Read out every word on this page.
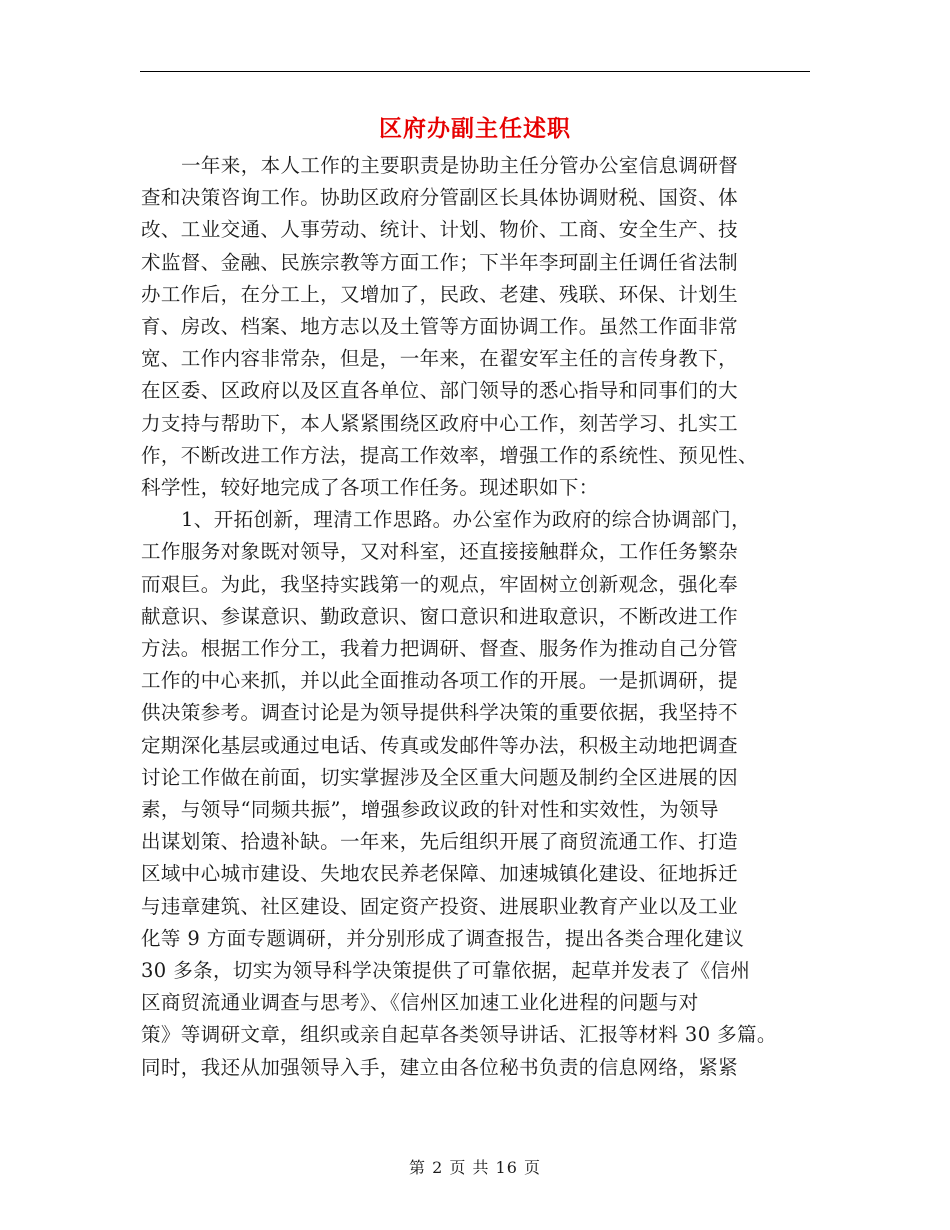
区府办副主任述职
一年来，本人工作的主要职责是协助主任分管办公室信息调研督
查和决策咨询工作。协助区政府分管副区长具体协调财税、国资、体
改、工业交通、人事劳动、统计、计划、物价、工商、安全生产、技
术监督、金融、民族宗教等方面工作；下半年李珂副主任调任省法制
办工作后，在分工上，又增加了，民政、老建、残联、环保、计划生
育、房改、档案、地方志以及土管等方面协调工作。虽然工作面非常
宽、工作内容非常杂，但是，一年来，在翟安军主任的言传身教下，
在区委、区政府以及区直各单位、部门领导的悉心指导和同事们的大
力支持与帮助下，本人紧紧围绕区政府中心工作，刻苦学习、扎实工
作，不断改进工作方法，提高工作效率，增强工作的系统性、预见性、
科学性，较好地完成了各项工作任务。现述职如下：
1、开拓创新，理清工作思路。办公室作为政府的综合协调部门，
工作服务对象既对领导，又对科室，还直接接触群众，工作任务繁杂
而艰巨。为此，我坚持实践第一的观点，牢固树立创新观念，强化奉
献意识、参谋意识、勤政意识、窗口意识和进取意识，不断改进工作
方法。根据工作分工，我着力把调研、督查、服务作为推动自己分管
工作的中心来抓，并以此全面推动各项工作的开展。一是抓调研，提
供决策参考。调查讨论是为领导提供科学决策的重要依据，我坚持不
定期深化基层或通过电话、传真或发邮件等办法，积极主动地把调查
讨论工作做在前面，切实掌握涉及全区重大问题及制约全区进展的因
素，与领导“同频共振”，增强参政议政的针对性和实效性，为领导
出谋划策、拾遗补缺。一年来，先后组织开展了商贸流通工作、打造
区域中心城市建设、失地农民养老保障、加速城镇化建设、征地拆迁
与违章建筑、社区建设、固定资产投资、进展职业教育产业以及工业
化等 9 方面专题调研，并分别形成了调查报告，提出各类合理化建议
30 多条，切实为领导科学决策提供了可靠依据，起草并发表了《信州
区商贸流通业调查与思考》、《信州区加速工业化进程的问题与对
策》等调研文章，组织或亲自起草各类领导讲话、汇报等材料 30 多篇。
同时，我还从加强领导入手，建立由各位秘书负责的信息网络，紧紧
第 2 页 共 16 页
